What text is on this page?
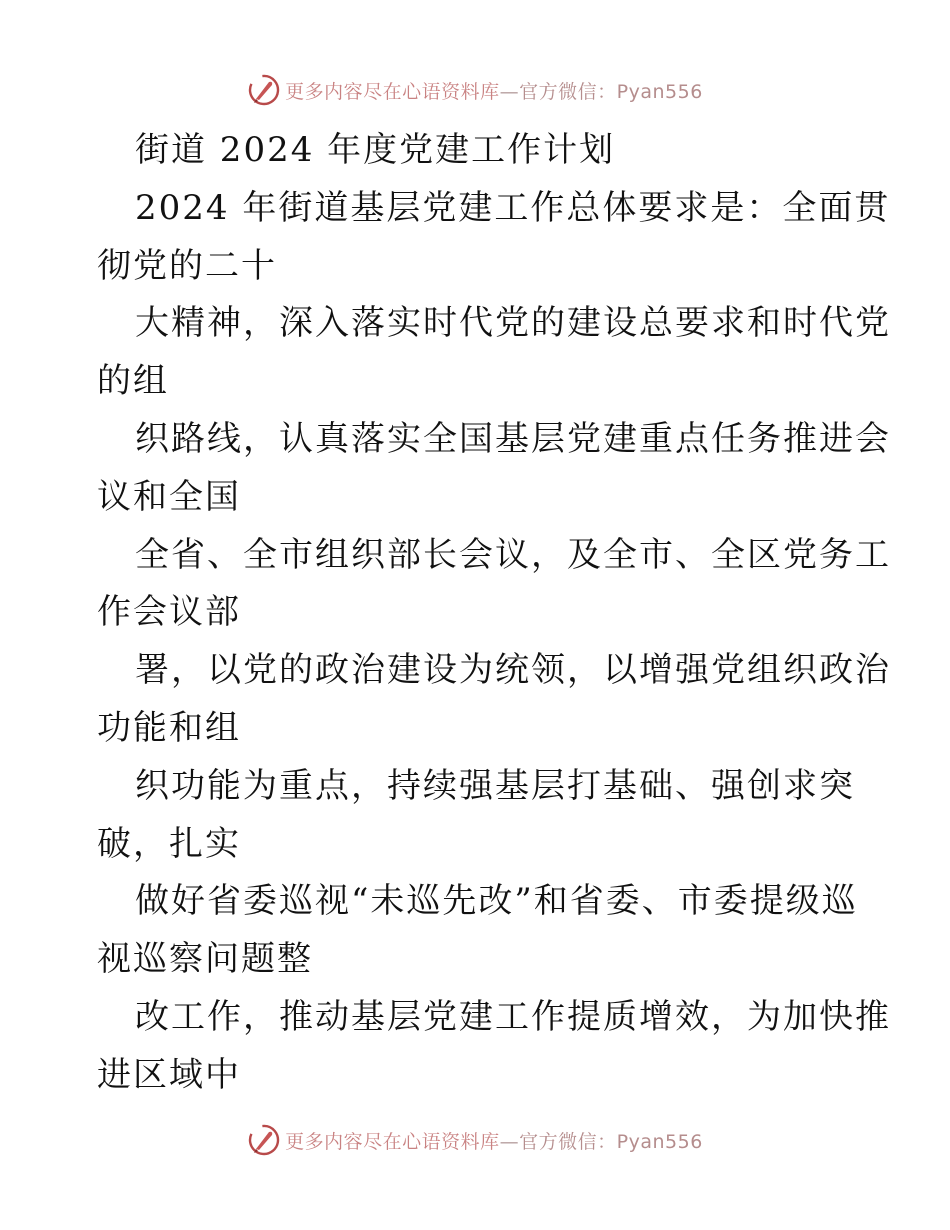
更多内容尽在心语资料库—官方微信：Pyan556
街道 2024 年度党建工作计划
2024 年街道基层党建工作总体要求是：全面贯
彻党的二十
大精神，深入落实时代党的建设总要求和时代党
的组
织路线，认真落实全国基层党建重点任务推进会
议和全国
全省、全市组织部长会议，及全市、全区党务工
作会议部
署，以党的政治建设为统领，以增强党组织政治
功能和组
织功能为重点，持续强基层打基础、强创求突
破，扎实
做好省委巡视“未巡先改”和省委、市委提级巡
视巡察问题整
改工作，推动基层党建工作提质增效，为加快推
进区域中
更多内容尽在心语资料库—官方微信：Pyan556
